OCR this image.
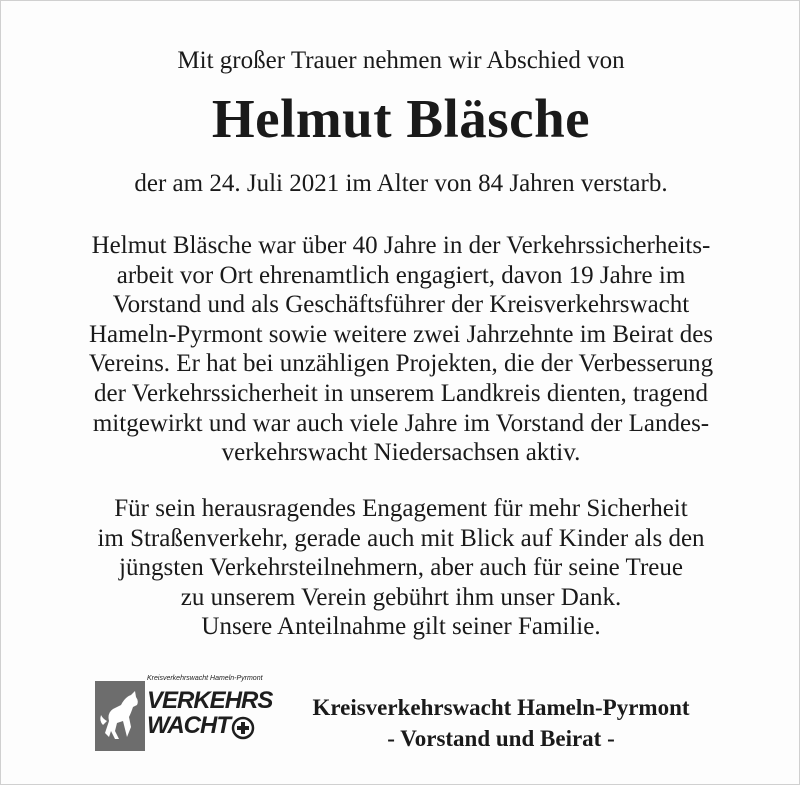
Mit großer Trauer nehmen wir Abschied von
Helmut Bläsche
der am 24. Juli 2021 im Alter von 84 Jahren verstarb.
Helmut Bläsche war über 40 Jahre in der Verkehrssicherheits-
arbeit vor Ort ehrenamtlich engagiert, davon 19 Jahre im
Vorstand und als Geschäftsführer der Kreisverkehrswacht
Hameln-Pyrmont sowie weitere zwei Jahrzehnte im Beirat des
Vereins. Er hat bei unzähligen Projekten, die der Verbesserung
der Verkehrssicherheit in unserem Landkreis dienten, tragend
mitgewirkt und war auch viele Jahre im Vorstand der Landes-
verkehrswacht Niedersachsen aktiv.
Für sein herausragendes Engagement für mehr Sicherheit
im Straßenverkehr, gerade auch mit Blick auf Kinder als den
jüngsten Verkehrsteilnehmern, aber auch für seine Treue
zu unserem Verein gebührt ihm unser Dank.
Unsere Anteilnahme gilt seiner Familie.
Kreisverkehrswacht Hameln-Pyrmont
VERKEHRS
WACHT
Kreisverkehrswacht Hameln-Pyrmont
- Vorstand und Beirat -
